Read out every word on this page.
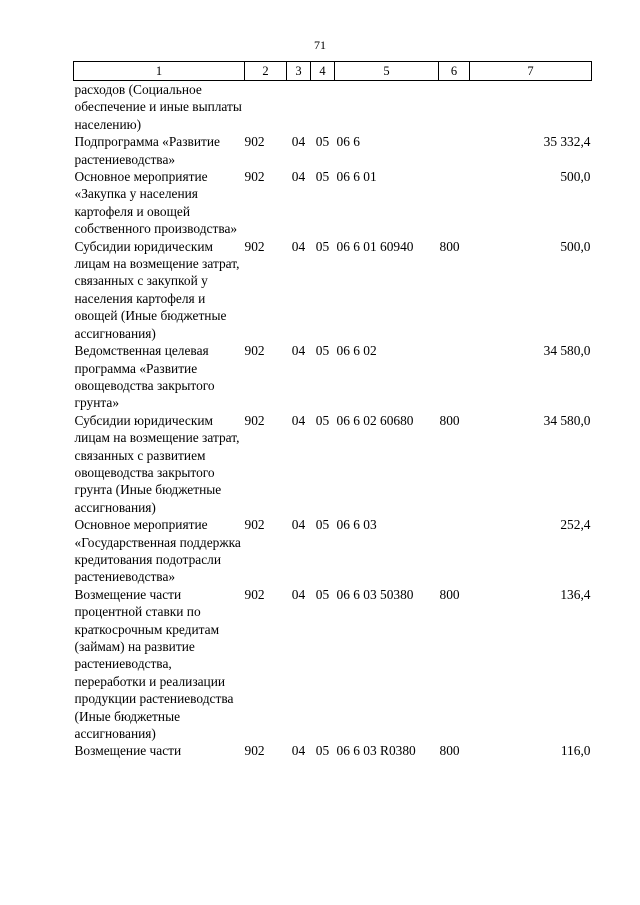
71
1	2	3	4	5	6	7
расходов (Социальное обеспечение и иные выплаты населению)						
Подпрограмма «Развитие растениеводства»	902	04	05	06 6		35 332,4
Основное мероприятие «Закупка у населения картофеля и овощей собственного производства»	902	04	05	06 6 01		500,0
Субсидии юридическим лицам на возмещение затрат, связанных с закупкой у населения картофеля и овощей (Иные бюджетные ассигнования)	902	04	05	06 6 01 60940	800	500,0
Ведомственная целевая программа «Развитие овощеводства закрытого грунта»	902	04	05	06 6 02		34 580,0
Субсидии юридическим лицам на возмещение затрат, связанных с развитием овощеводства закрытого грунта (Иные бюджетные ассигнования)	902	04	05	06 6 02 60680	800	34 580,0
Основное мероприятие «Государственная поддержка кредитования подотрасли растениеводства»	902	04	05	06 6 03		252,4
Возмещение части процентной ставки по краткосрочным кредитам (займам) на развитие растениеводства, переработки и реализации продукции растениеводства (Иные бюджетные ассигнования)	902	04	05	06 6 03 50380	800	136,4
Возмещение части	902	04	05	06 6 03 R0380	800	116,0
